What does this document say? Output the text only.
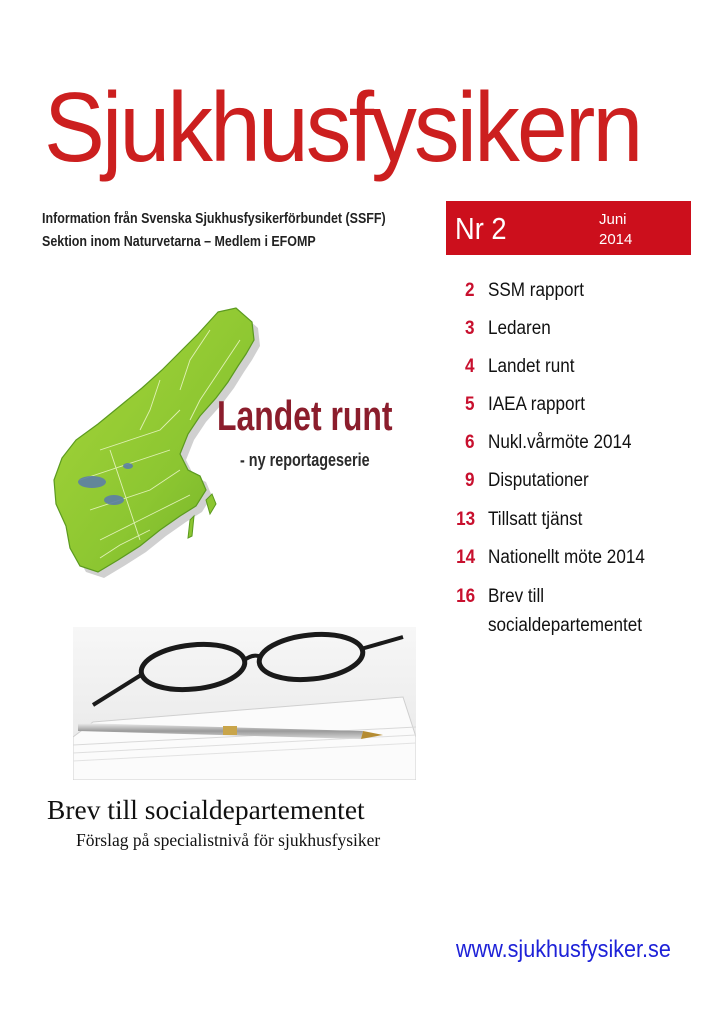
Sjukhusfysikern
Information från Svenska Sjukhusfysikerförbundet (SSFF)
Sektion inom Naturvetarna – Medlem i EFOMP	Nr 2	Juni
2014
2 SSM rapport
3 Ledaren
4 Landet runt
5 IAEA rapport
6 Nukl.vårmöte 2014
9 Disputationer
13 Tillsatt tjänst
14 Nationellt möte 2014
16 Brev till
socialdepartementet
Landet runt
- ny reportageserie
Brev till socialdepartementet
Förslag på specialistnivå för sjukhusfysiker
www.sjukhusfysiker.se
